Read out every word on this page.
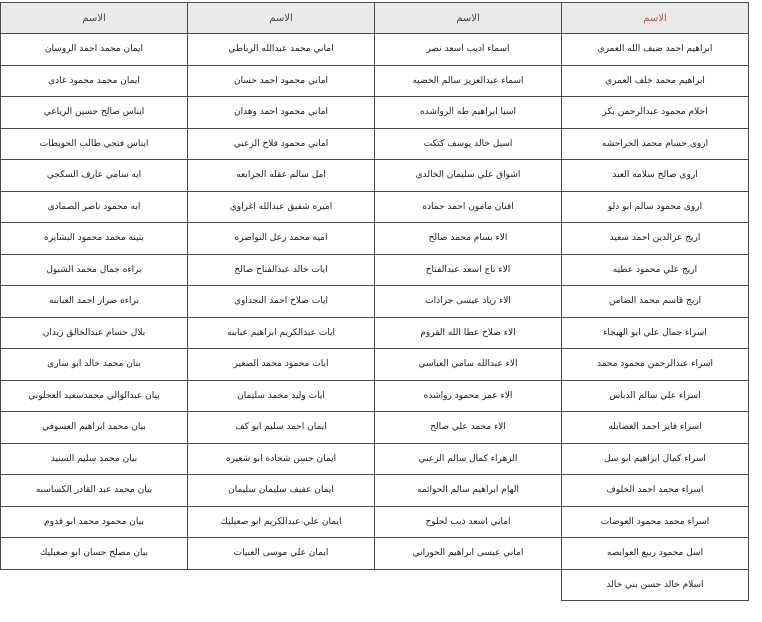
الاسم	الاسم	الاسم	الاسم
ابراهيم احمد ضيف الله العمري	اسماء اديب اسعد نصر	اماني محمد عبدالله الرباطي	ايمان محمد احمد الروسان
ابراهيم محمد خلف العمري	اسماء عبدالعزيز سالم الخضيه	اماني محمود احمد حسان	ايمان محمد محمود غادي
احلام محمود عبدالرحمن بكر	اسيا ابراهيم طه الرواشده	اماني محمود احمد وهدان	ايناس صالح حسين الرياعي
اروى حسام محمد الحراحشه	اسيل خالد يوسف كتكت	اماني محمود فلاح الزعبي	ايناس فتحي طالب الحويطات
اروى صالح سلامه العبد	اشواق علي سليمان الخالدي	امل سالم عقله الجرابعه	ايه سامي عارف السكجي
اروى محمود سالم ابو دلو	افنان مامون احمد حماده	اميره شفيق عبدالله اغزاوي	ايه محمود ناصر الصمادي
اريج عزالدين احمد سعيد	الاء بسام محمد صالح	اميه محمد زعل النواصره	بثينه محمد محمود البشايره
اريج علي محمود عطيه	الاء تاج اسعد عبدالفتاح	ايات خالد عبدالفتاح صالح	براءه جمال محمد الشبول
اريج قاسم محمد الضامن	الاء زياد عيسى جرادات	ايات صلاح احمد النجداوي	براءه ضرار احمد العبابنه
اسراء جمال علي ابو الهيجاء	الاء صلاح عطا الله القروم	ايات عبدالكريم ابراهيم عبابنه	بلال حسام عبدالخالق زيدان
اسراء عبدالرحمن محمود محمد	الاء عبدالله سامي العباسي	ايات محمود محمد الصغير	بنان محمد خالد ابو سارى
اسراء علي سالم الدباس	الاء عمر محمود رواشده	ايات وليد محمد سليمان	بيان عبدالوالي محمدسعيد العجلوني
اسراء فايز احمد العضايله	الاء محمد علي صالح	ايمان احمد سليم ابو كف	بيان محمد ابراهيم العسوفي
اسراء كمال ابراهيم ابو سل	الزهراء كمال سالم الزعبي	ايمان حسن شحاده ابو شعيره	بيان محمد سليم السنيد
اسراء محمد احمد الخلوف	الهام ابراهيم سالم الحوائمه	ايمان عفيف سليمان سليمان	بيان محمد عبد القادر الكساسبه
اسراء محمد محمود العوضات	اماني اسعد ذيب لحلوح	ايمان علي عبدالكريم ابو صعيليك	بيان محمود محمد ابو قدوم
اسل محمود ربيع العوايصه	اماني عيسى ابراهيم الحوراني	ايمان علي موسى العبيات	بيان مصلح حسان ابو صعيليك
اسلام خالد حسن بني خالد			
